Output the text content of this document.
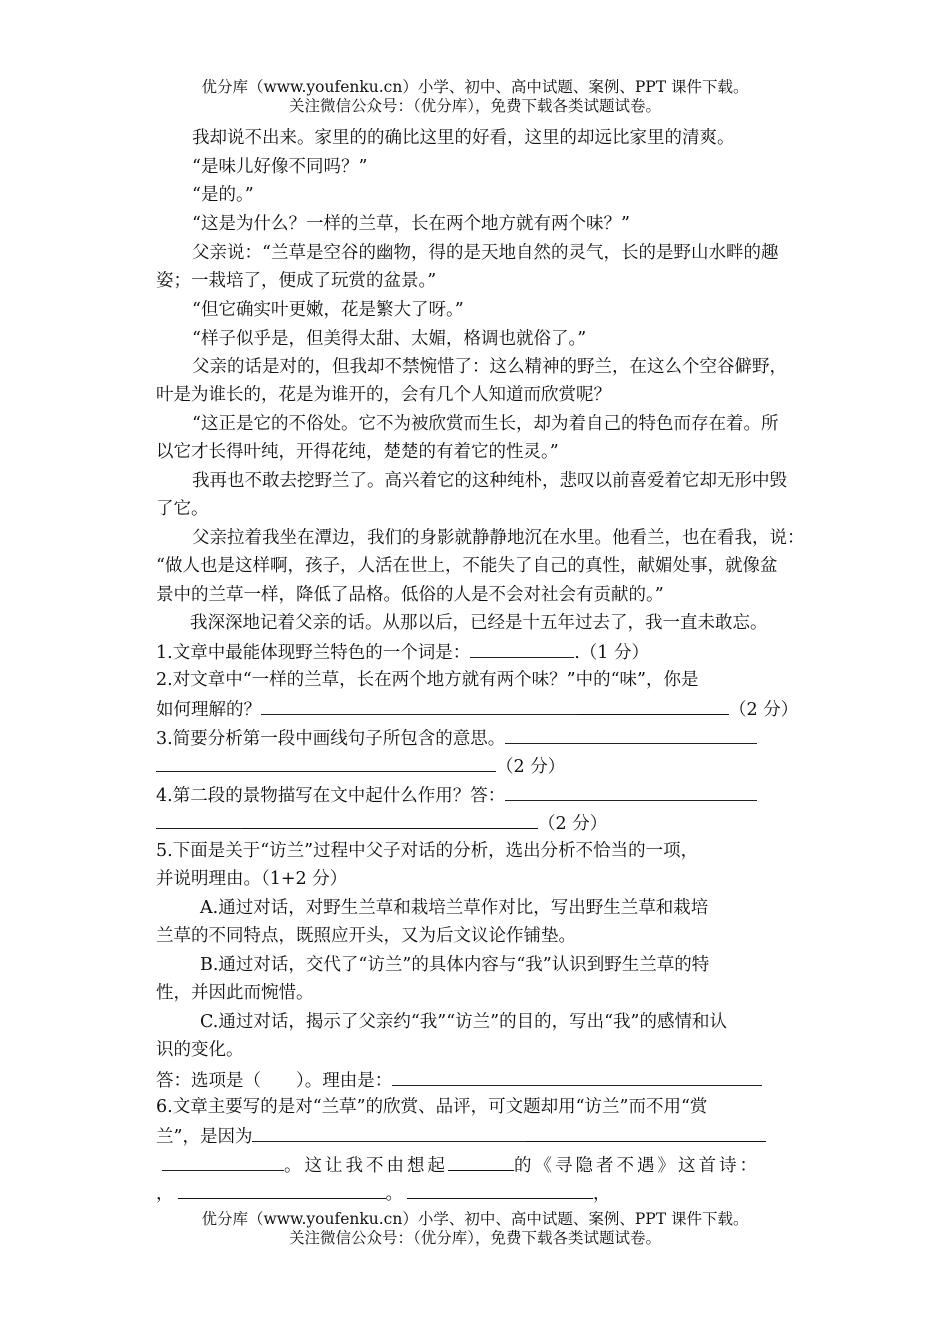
优分库（www.youfenku.cn）小学、初中、高中试题、案例、PPT 课件下载。
关注微信公众号：（优分库），免费下载各类试题试卷。
我却说不出来。家里的的确比这里的好看，这里的却远比家里的清爽。
“是味儿好像不同吗？”
“是的。”
“这是为什么？一样的兰草，长在两个地方就有两个味？”
父亲说：“兰草是空谷的幽物，得的是天地自然的灵气，长的是野山水畔的趣
姿；一栽培了，便成了玩赏的盆景。”
“但它确实叶更嫩，花是繁大了呀。”
“样子似乎是，但美得太甜、太媚，格调也就俗了。”
父亲的话是对的，但我却不禁惋惜了：这么精神的野兰，在这么个空谷僻野，
叶是为谁长的，花是为谁开的，会有几个人知道而欣赏呢？
“这正是它的不俗处。它不为被欣赏而生长，却为着自己的特色而存在着。所
以它才长得叶纯，开得花纯，楚楚的有着它的性灵。”
我再也不敢去挖野兰了。高兴着它的这种纯朴，悲叹以前喜爱着它却无形中毁
了它。
父亲拉着我坐在潭边，我们的身影就静静地沉在水里。他看兰，也在看我，说：
“做人也是这样啊，孩子，人活在世上，不能失了自己的真性，献媚处事，就像盆
景中的兰草一样，降低了品格。低俗的人是不会对社会有贡献的。”
我深深地记着父亲的话。从那以后，已经是十五年过去了，我一直未敢忘。
1.文章中最能体现野兰特色的一个词是：	.（1 分）
2.对文章中“一样的兰草，长在两个地方就有两个味？”中的“味”，你是
如何理解的？	（2 分）
3.简要分析第一段中画线句子所包含的意思。
（2 分）
4.第二段的景物描写在文中起什么作用？答：
（2 分）
5.下面是关于“访兰”过程中父子对话的分析，选出分析不恰当的一项，
并说明理由。（1+2 分）
A.通过对话，对野生兰草和栽培兰草作对比，写出野生兰草和栽培
兰草的不同特点，既照应开头，又为后文议论作铺垫。
B.通过对话，交代了“访兰”的具体内容与“我”认识到野生兰草的特
性，并因此而惋惜。
C.通过对话，揭示了父亲约“我”“访兰”的目的，写出“我”的感情和认
识的变化。
答：选项是（　　）。理由是：
6.文章主要写的是对“兰草”的欣赏、品评，可文题却用“访兰”而不用“赏
兰”，是因为
。这让我不由想起	的《寻隐者不遇》这首诗：
，	。	，
优分库（www.youfenku.cn）小学、初中、高中试题、案例、PPT 课件下载。
关注微信公众号：（优分库），免费下载各类试题试卷。
